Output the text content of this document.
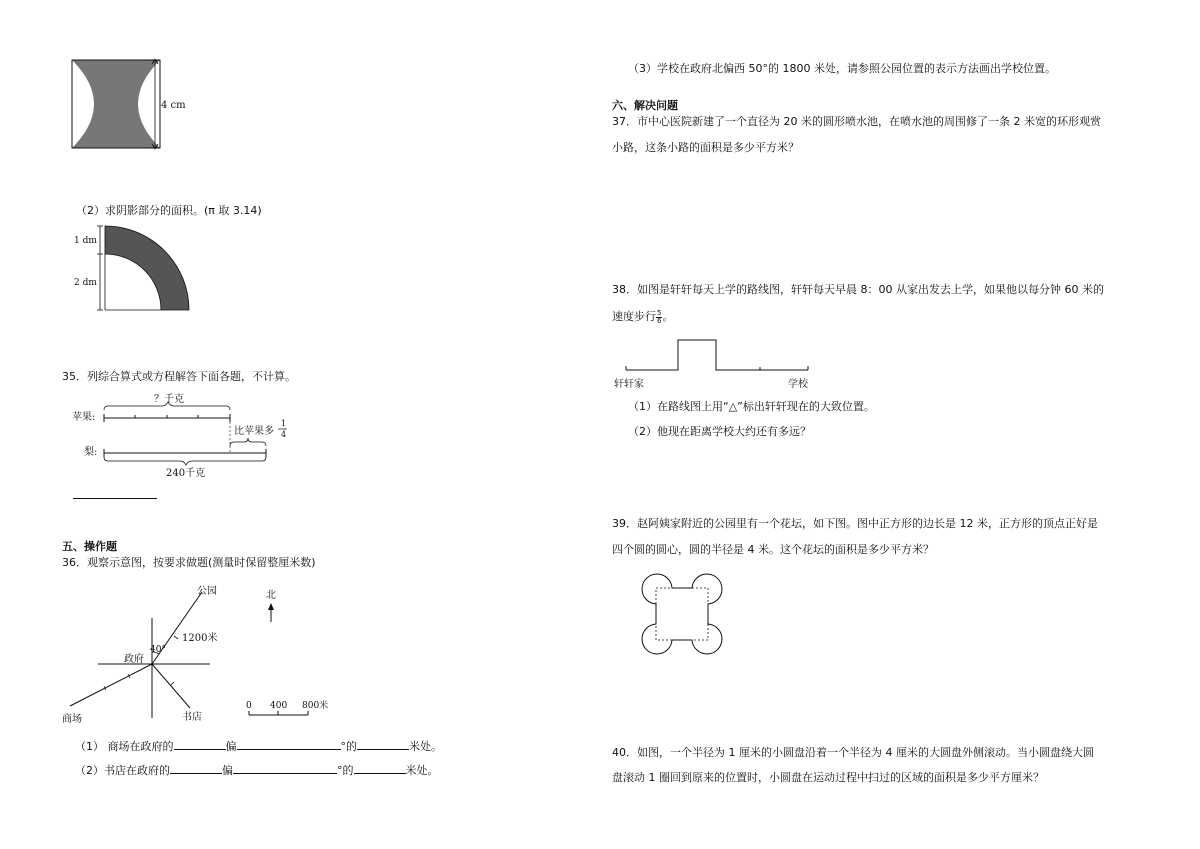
4 cm
（2）求阴影部分的面积。(π 取 3.14)
1 dm
2 dm
35．列综合算式或方程解答下面各题，不计算。
苹果:
梨:
？千克
比苹果多
1
4
240千克
五、操作题
36．观察示意图，按要求做题(测量时保留整厘米数)
公园
40°
1200米
政府
商场	书店
北
0 400 800米
（1） 商场在政府的	偏	°的	米处。
（2）书店在政府的	偏	°的	米处。
（3）学校在政府北偏西 50°的 1800 米处，请参照公园位置的表示方法画出学校位置。
六、解决问题
37．市中心医院新建了一个直径为 20 米的圆形喷水池，在喷水池的周围修了一条 2 米宽的环形观赏
小路，这条小路的面积是多少平方米？
38．如图是轩轩每天上学的路线图，轩轩每天早晨 8：00 从家出发去上学，如果他以每分钟 60 米的
速度步行 $\frac{5}{6}$ 。
轩轩家	学校
（1）在路线图上用“△”标出轩轩现在的大致位置。
（2）他现在距离学校大约还有多远？
39．赵阿姨家附近的公园里有一个花坛，如下图。图中正方形的边长是 12 米，正方形的顶点正好是
四个圆的圆心，圆的半径是 4 米。这个花坛的面积是多少平方米？
40．如图，一个半径为 1 厘米的小圆盘沿着一个半径为 4 厘米的大圆盘外侧滚动。当小圆盘绕大圆
盘滚动 1 圈回到原来的位置时，小圆盘在运动过程中扫过的区域的面积是多少平方厘米？
